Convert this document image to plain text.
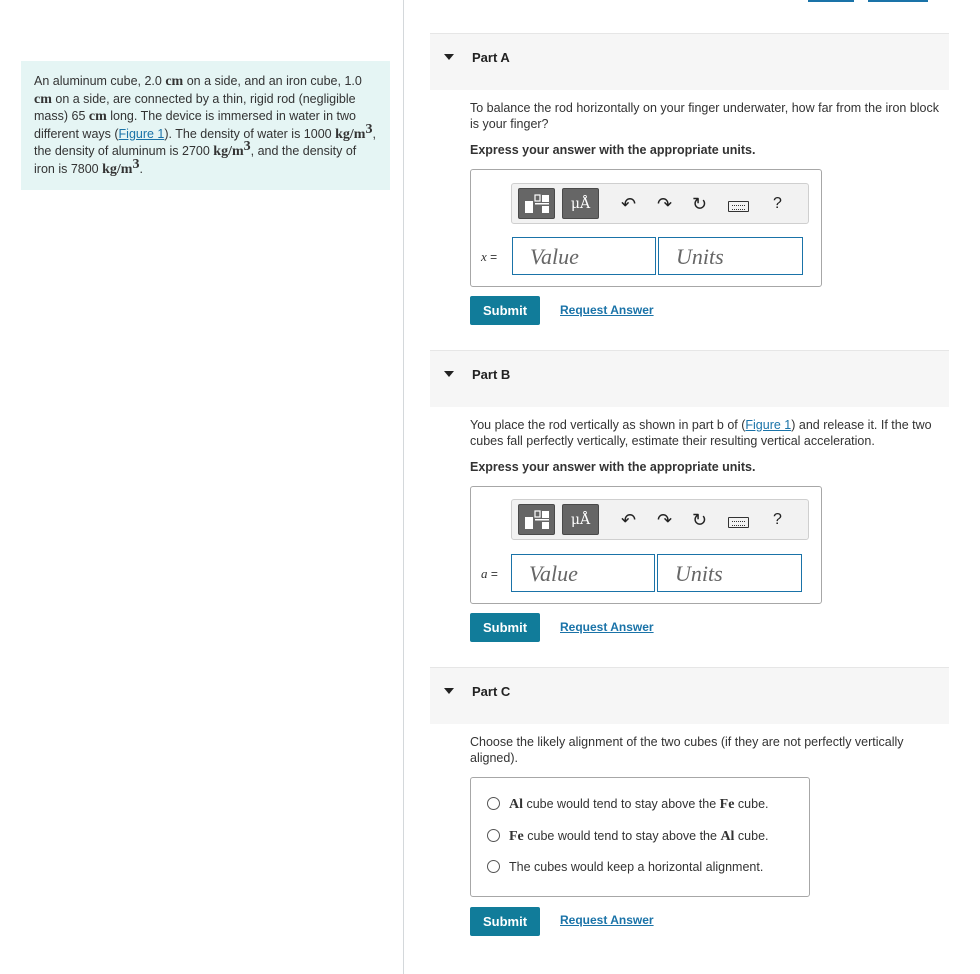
An aluminum cube, 2.0 cm on a side, and an iron cube, 1.0 cm on a side, are connected by a thin, rigid rod (negligible mass) 65 cm long. The device is immersed in water in two different ways (Figure 1). The density of water is 1000 $kg/m^3$, the density of aluminum is 2700 $kg/m^3$, and the density of iron is 7800 $kg/m^3$.
Part A
To balance the rod horizontally on your finger underwater, how far from the iron block is your finger?
Express your answer with the appropriate units.
μÅ	↶ ↷ ↻	?
x =	Value	Units
Submit	Request Answer
Part B
You place the rod vertically as shown in part b of (Figure 1) and release it. If the two cubes fall perfectly vertically, estimate their resulting vertical acceleration.
Express your answer with the appropriate units.
μÅ	↶ ↷ ↻	?
a =	Value	Units
Submit	Request Answer
Part C
Choose the likely alignment of the two cubes (if they are not perfectly vertically aligned).
Al cube would tend to stay above the Fe cube.
Fe cube would tend to stay above the Al cube.
The cubes would keep a horizontal alignment.
Submit	Request Answer
